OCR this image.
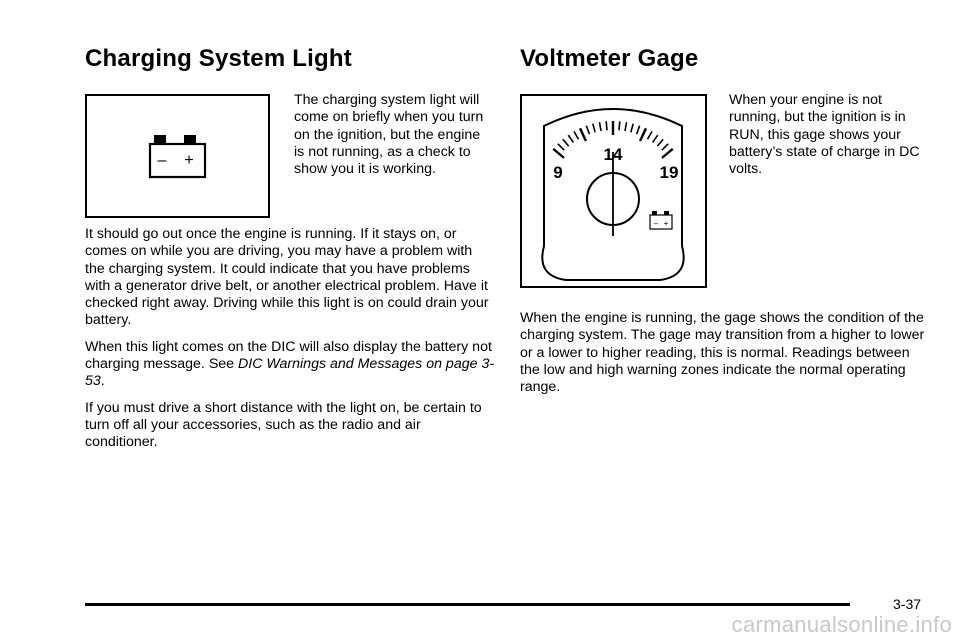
Charging System Light
– +
The charging system light will come on briefly when you turn on the ignition, but the engine is not running, as a check to show you it is working.

It should go out once the engine is running. If it stays on, or comes on while you are driving, you may have a problem with the charging system. It could indicate that you have problems with a generator drive belt, or another electrical problem. Have it checked right away. Driving while this light is on could drain your battery.

When this light comes on the DIC will also display the battery not charging message. See DIC Warnings and Messages on page 3-53.

If you must drive a short distance with the light on, be certain to turn off all your accessories, such as the radio and air conditioner.

Voltmeter Gage
9
14
19
– +
When your engine is not running, but the ignition is in RUN, this gage shows your battery’s state of charge in DC volts.

When the engine is running, the gage shows the condition of the charging system. The gage may transition from a higher to lower or a lower to higher reading, this is normal. Readings between the low and high warning zones indicate the normal operating range.

3-37
carmanualsonline.info
